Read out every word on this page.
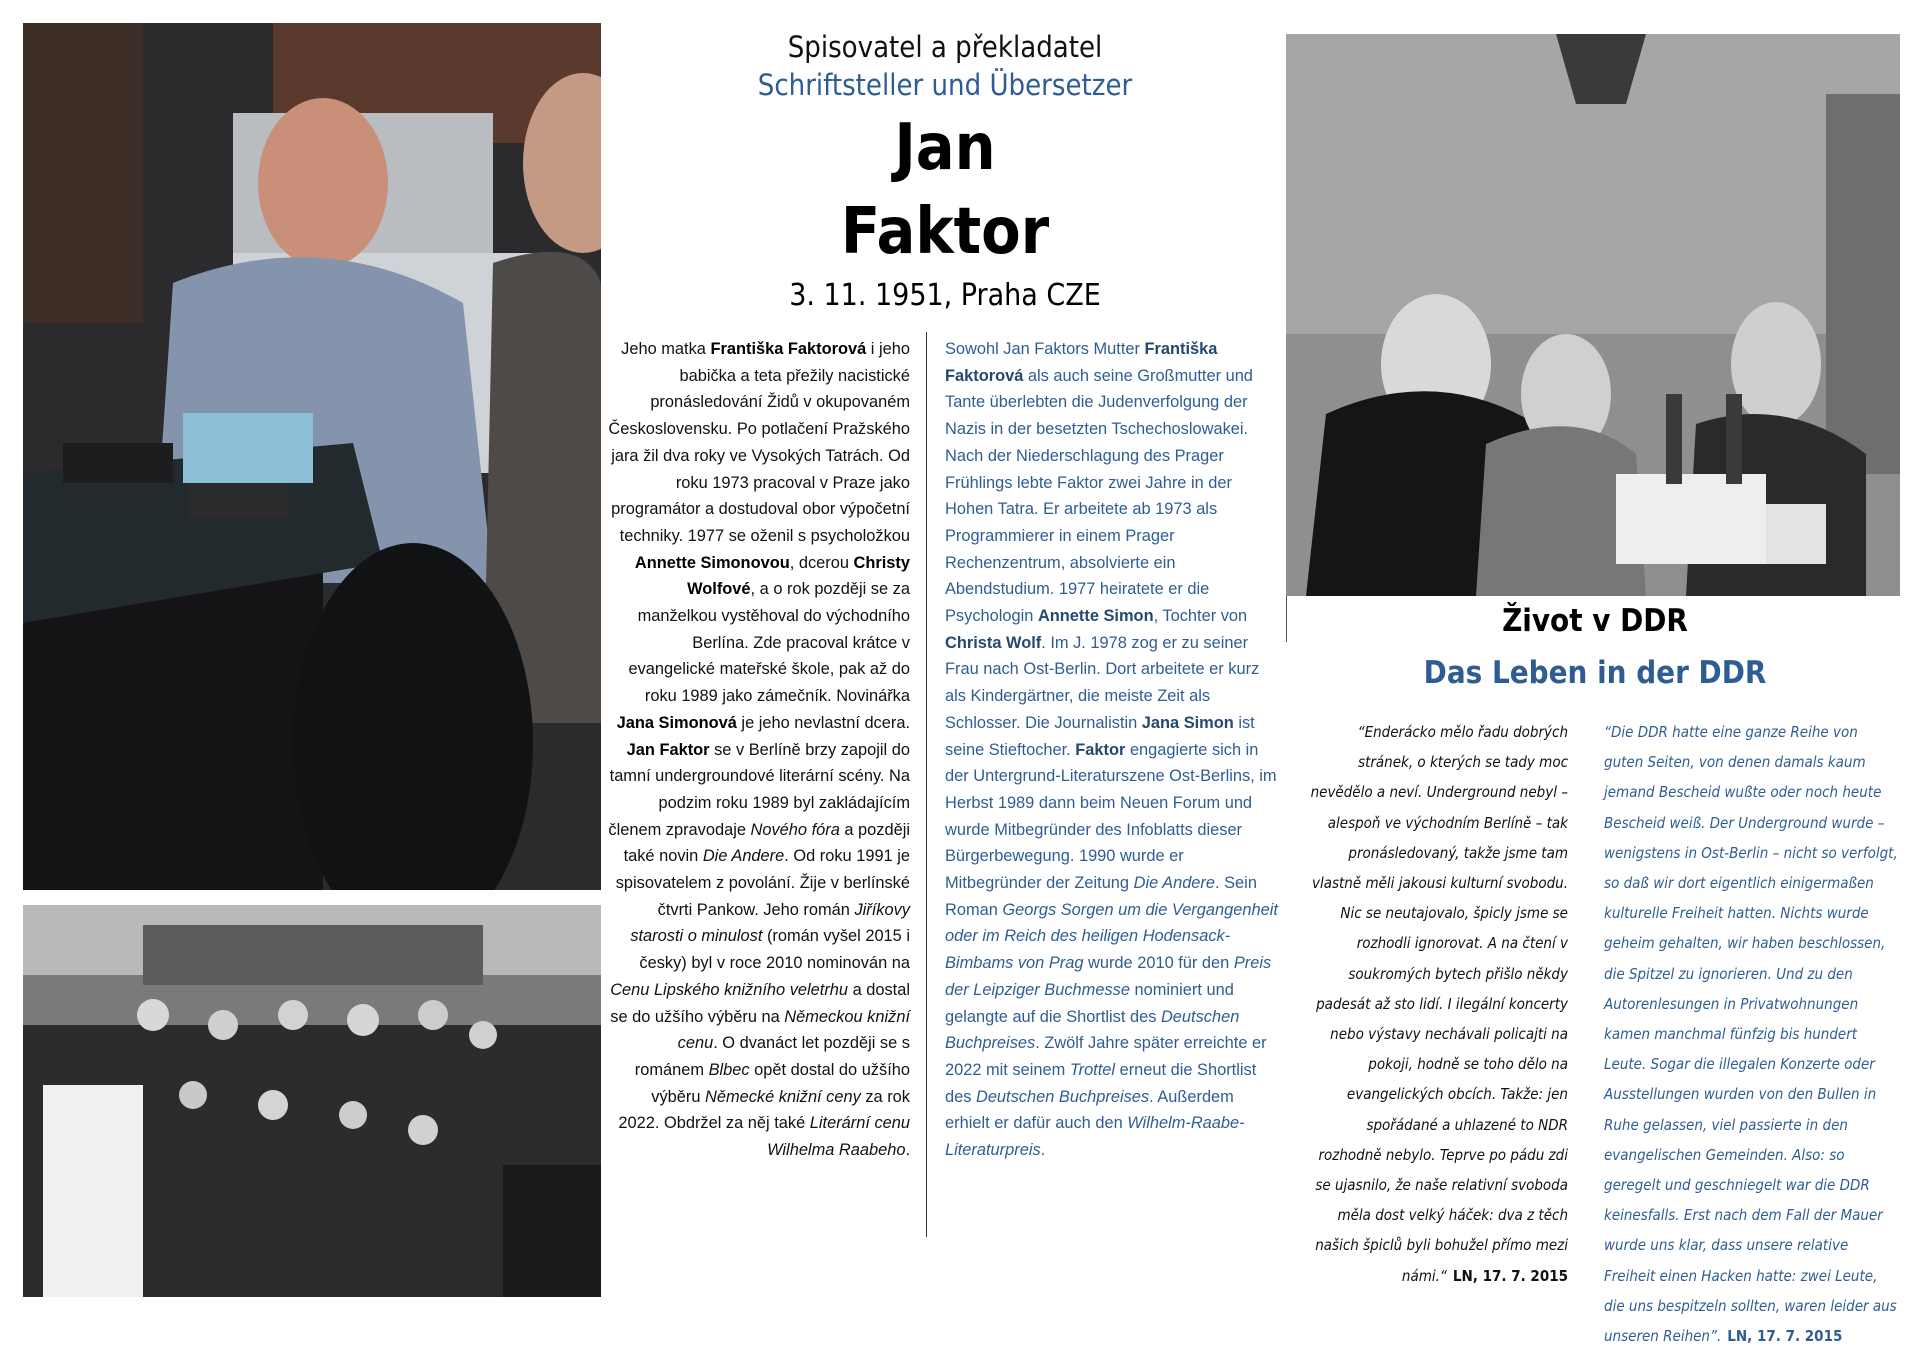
Spisovatel a překladatel
Schriftsteller und Übersetzer
Jan
Faktor
3. 11. 1951, Praha CZE
Jeho matka Františka Faktorová i jeho babička a teta přežily nacistické pronásledování Židů v okupovaném Československu. Po potlačení Pražského jara žil dva roky ve Vysokých Tatrách. Od roku 1973 pracoval v Praze jako programátor a dostudoval obor výpočetní techniky. 1977 se oženil s psycholožkou Annette Simonovou, dcerou Christy Wolfové, a o rok později se za manželkou vystěhoval do východního Berlína. Zde pracoval krátce v evangelické mateřské škole, pak až do roku 1989 jako zámečník. Novinářka Jana Simonová je jeho nevlastní dcera. Jan Faktor se v Berlíně brzy zapojil do tamní undergroundové literární scény. Na podzim roku 1989 byl zakládajícím členem zpravodaje Nového fóra a později také novin Die Andere. Od roku 1991 je spisovatelem z povolání. Žije v berlínské čtvrti Pankow. Jeho román Jiříkovy starosti o minulost (román vyšel 2015 i česky) byl v roce 2010 nominován na Cenu Lipského knižního veletrhu a dostal se do užšího výběru na Německou knižní cenu. O dvanáct let později se s románem Blbec opět dostal do užšího výběru Německé knižní ceny za rok 2022. Obdržel za něj také Literární cenu Wilhelma Raabeho.
Sowohl Jan Faktors Mutter Františka Faktorová als auch seine Großmutter und Tante überlebten die Judenverfolgung der Nazis in der besetzten Tschechoslowakei. Nach der Niederschlagung des Prager Frühlings lebte Faktor zwei Jahre in der Hohen Tatra. Er arbeitete ab 1973 als Programmierer in einem Prager Rechenzentrum, absolvierte ein Abendstudium. 1977 heiratete er die Psychologin Annette Simon, Tochter von Christa Wolf. Im J. 1978 zog er zu seiner Frau nach Ost-Berlin. Dort arbeitete er kurz als Kindergärtner, die meiste Zeit als Schlosser. Die Journalistin Jana Simon ist seine Stieftocher. Faktor engagierte sich in der Untergrund-Literaturszene Ost-Berlins, im Herbst 1989 dann beim Neuen Forum und wurde Mitbegründer des Infoblatts dieser Bürgerbewegung. 1990 wurde er Mitbegründer der Zeitung Die Andere. Sein Roman Georgs Sorgen um die Vergangenheit oder im Reich des heiligen Hodensack-Bimbams von Prag wurde 2010 für den Preis der Leipziger Buchmesse nominiert und gelangte auf die Shortlist des Deutschen Buchpreises. Zwölf Jahre später erreichte er 2022 mit seinem Trottel erneut die Shortlist des Deutschen Buchpreises. Außerdem erhielt er dafür auch den Wilhelm-Raabe-Literaturpreis.
Život v DDR
Das Leben in der DDR
“Enderácko mělo řadu dobrých stránek, o kterých se tady moc nevědělo a neví. Underground nebyl – alespoň ve východním Berlíně – tak pronásledovaný, takže jsme tam vlastně měli jakousi kulturní svobodu. Nic se neutajovalo, špicly jsme se rozhodli ignorovat. A na čtení v soukromých bytech přišlo někdy padesát až sto lidí. I ilegální koncerty nebo výstavy nechávali policajti na pokoji, hodně se toho dělo na evangelických obcích. Takže: jen spořádané a uhlazené to NDR rozhodně nebylo. Teprve po pádu zdi se ujasnilo, že naše relativní svoboda měla dost velký háček: dva z těch našich špiclů byli bohužel přímo mezi námi.“ LN, 17. 7. 2015
“Die DDR hatte eine ganze Reihe von guten Seiten, von denen damals kaum jemand Bescheid wußte oder noch heute Bescheid weiß. Der Underground wurde – wenigstens in Ost-Berlin – nicht so verfolgt, so daß wir dort eigentlich einigermaßen kulturelle Freiheit hatten. Nichts wurde geheim gehalten, wir haben beschlossen, die Spitzel zu ignorieren. Und zu den Autorenlesungen in Privatwohnungen kamen manchmal fünfzig bis hundert Leute. Sogar die illegalen Konzerte oder Ausstellungen wurden von den Bullen in Ruhe gelassen, viel passierte in den evangelischen Gemeinden. Also: so geregelt und geschniegelt war die DDR keinesfalls. Erst nach dem Fall der Mauer wurde uns klar, dass unsere relative Freiheit einen Hacken hatte: zwei Leute, die uns bespitzeln sollten, waren leider aus unseren Reihen”. LN, 17. 7. 2015
